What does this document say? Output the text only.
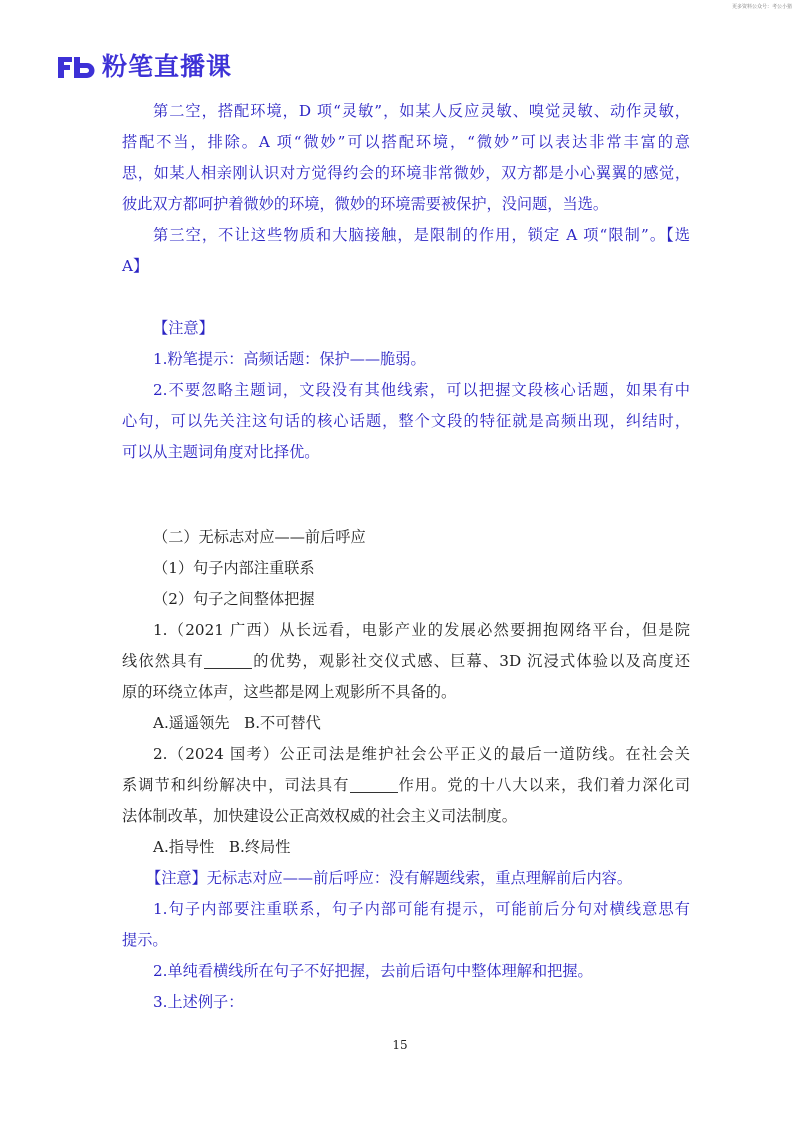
更多资料公众号：考公小猪
粉笔直播课
第二空，搭配环境，D 项“灵敏”，如某人反应灵敏、嗅觉灵敏、动作灵敏，
搭配不当，排除。A 项“微妙”可以搭配环境，“微妙”可以表达非常丰富的意
思，如某人相亲刚认识对方觉得约会的环境非常微妙，双方都是小心翼翼的感觉，
彼此双方都呵护着微妙的环境，微妙的环境需要被保护，没问题，当选。
第三空，不让这些物质和大脑接触，是限制的作用，锁定 A 项“限制”。【选
A】
【注意】
1.粉笔提示：高频话题：保护——脆弱。
2.不要忽略主题词，文段没有其他线索，可以把握文段核心话题，如果有中
心句，可以先关注这句话的核心话题，整个文段的特征就是高频出现，纠结时，
可以从主题词角度对比择优。
（二）无标志对应——前后呼应
（1）句子内部注重联系
（2）句子之间整体把握
1.（2021 广西）从长远看，电影产业的发展必然要拥抱网络平台，但是院
线依然具有	的优势，观影社交仪式感、巨幕、3D 沉浸式体验以及高度还
原的环绕立体声，这些都是网上观影所不具备的。
A.遥遥领先   B.不可替代
2.（2024 国考）公正司法是维护社会公平正义的最后一道防线。在社会关
系调节和纠纷解决中，司法具有	作用。党的十八大以来，我们着力深化司
法体制改革，加快建设公正高效权威的社会主义司法制度。
A.指导性   B.终局性
【注意】无标志对应——前后呼应：没有解题线索，重点理解前后内容。
1.句子内部要注重联系，句子内部可能有提示，可能前后分句对横线意思有
提示。
2.单纯看横线所在句子不好把握，去前后语句中整体理解和把握。
3.上述例子：
15
